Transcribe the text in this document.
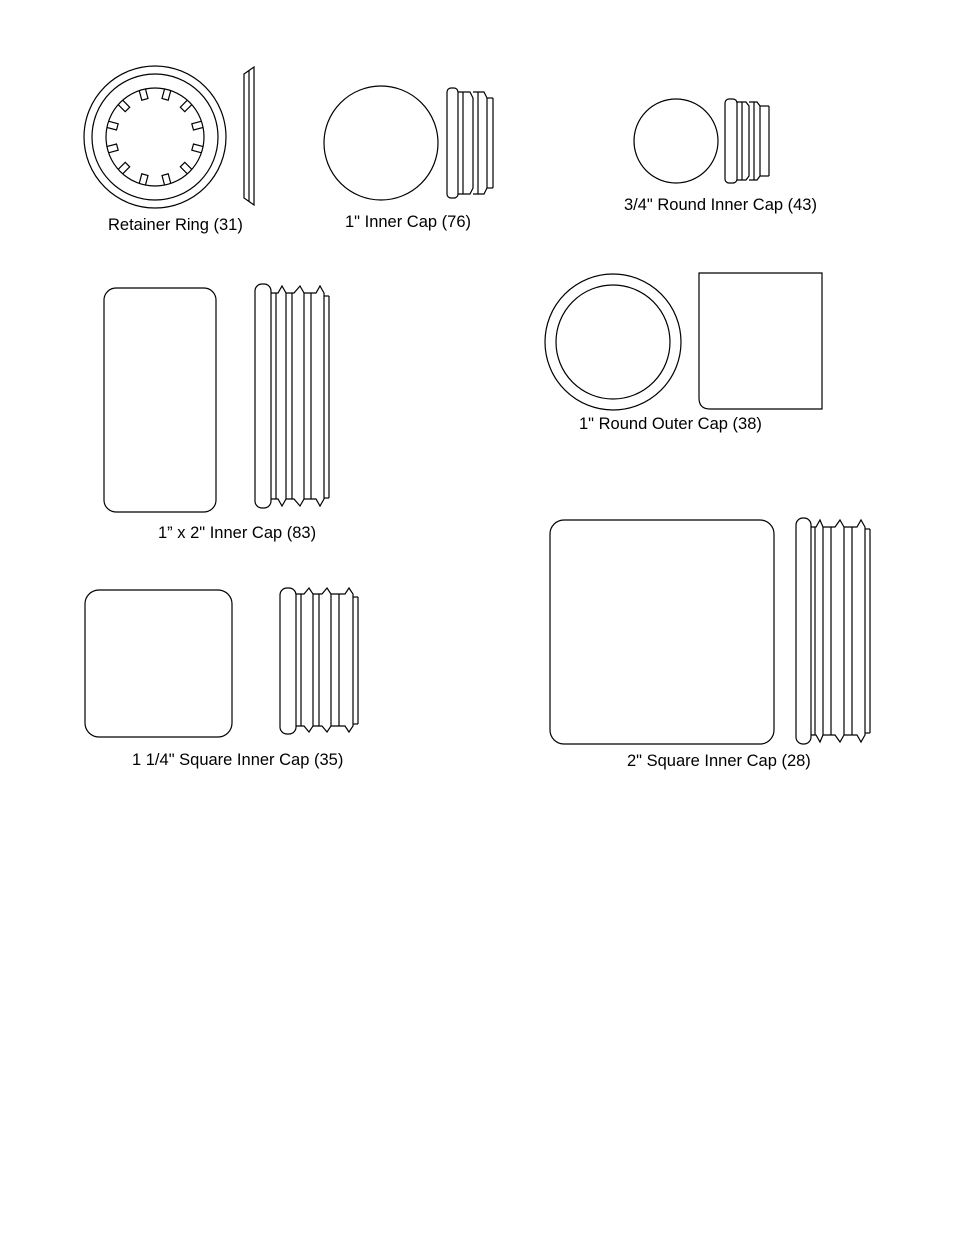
Retainer Ring (31)	1" Inner Cap (76)
3/4" Round Inner Cap (43)
1” x 2" Inner Cap (83)
1" Round Outer Cap (38)
1 1/4" Square Inner Cap (35)	2" Square Inner Cap (28)
